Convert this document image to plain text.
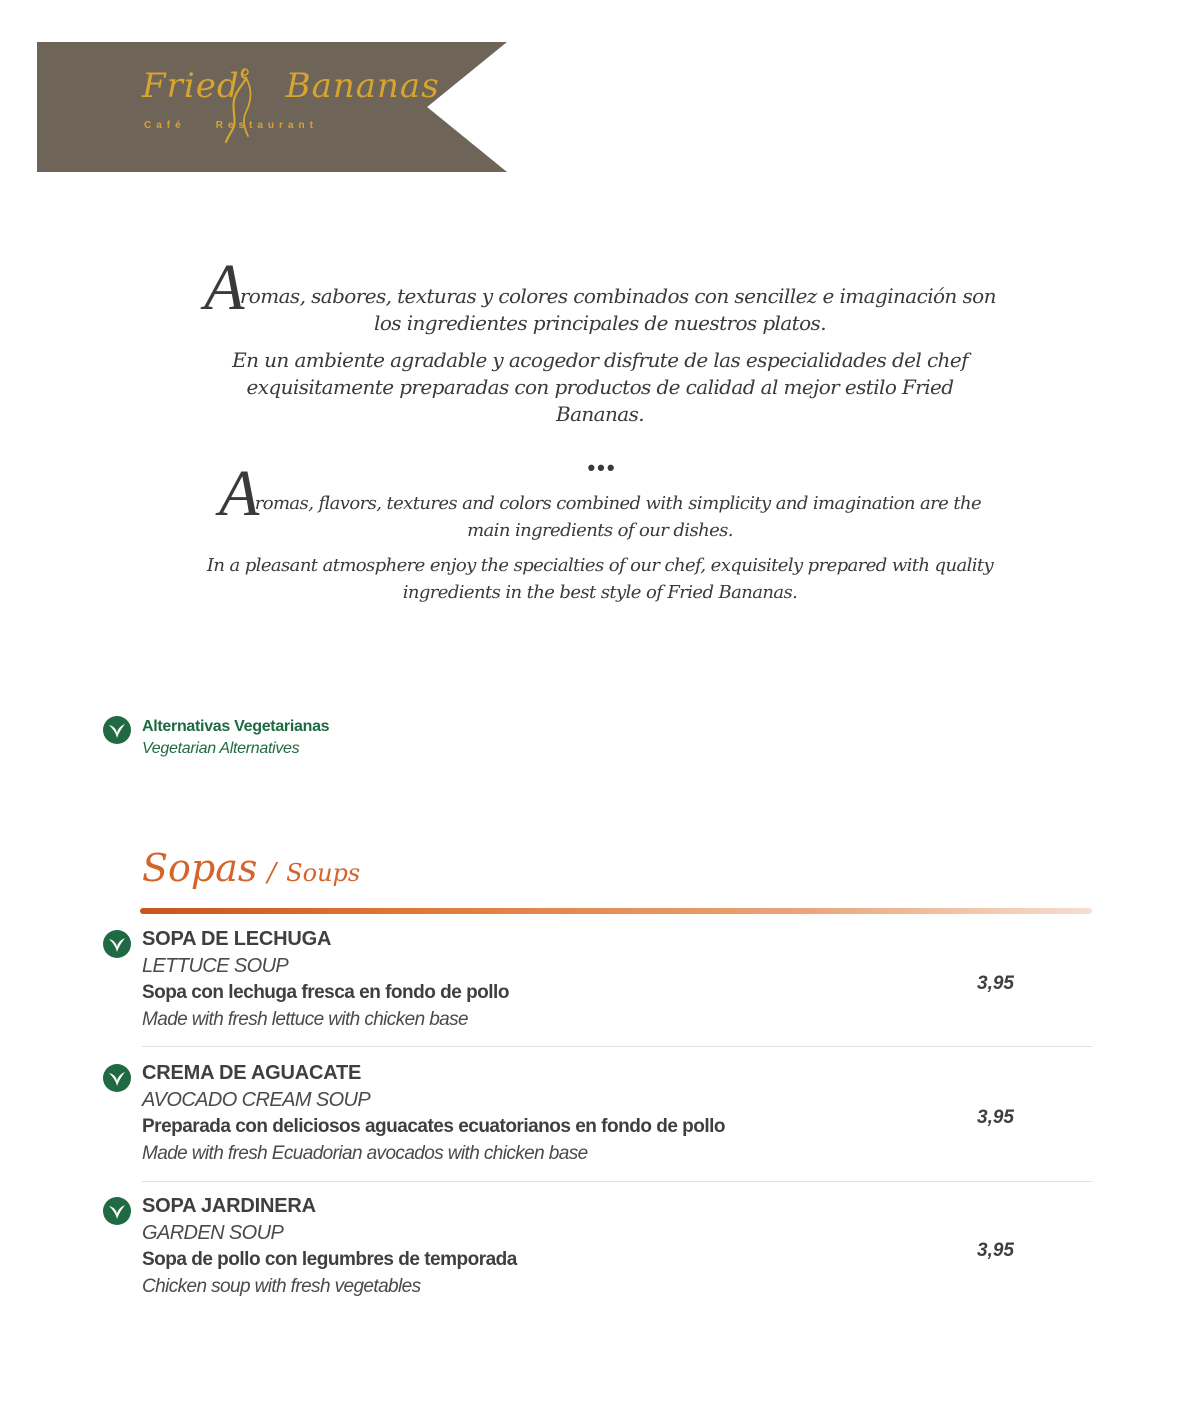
Fried Bananas
Café	Restaurant

Aromas, sabores, texturas y colores combinados con sencillez e imaginación son los ingredientes principales de nuestros platos.

En un ambiente agradable y acogedor disfrute de las especialidades del chef exquisitamente preparadas con productos de calidad al mejor estilo Fried Bananas.

•••

Aromas, flavors, textures and colors combined with simplicity and imagination are the main ingredients of our dishes.

In a pleasant atmosphere enjoy the specialties of our chef, exquisitely prepared with quality ingredients in the best style of Fried Bananas.

Alternativas Vegetarianas
Vegetarian Alternatives
Sopas / Soups
SOPA DE LECHUGA
LETTUCE SOUP
Sopa con lechuga fresca en fondo de pollo
Made with fresh lettuce with chicken base
3,95
CREMA DE AGUACATE
AVOCADO CREAM SOUP
Preparada con deliciosos aguacates ecuatorianos en fondo de pollo
Made with fresh Ecuadorian avocados with chicken base
3,95
SOPA JARDINERA
GARDEN SOUP
Sopa de pollo con legumbres de temporada
Chicken soup with fresh vegetables
3,95
